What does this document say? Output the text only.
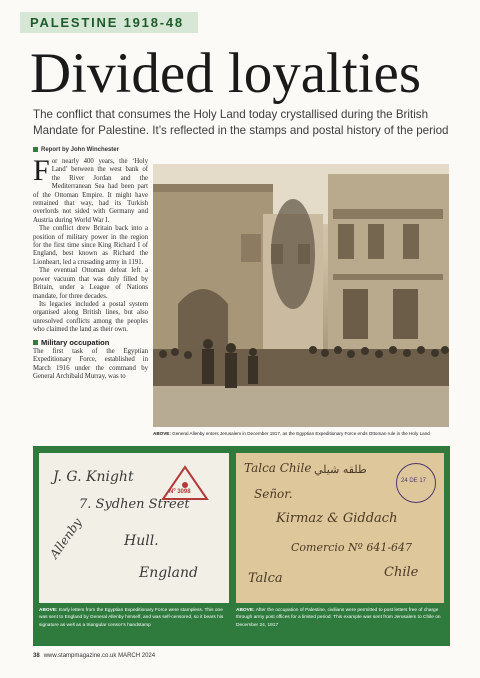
PALESTINE 1918-48
Divided loyalties

The conflict that consumes the Holy Land today crystallised during the British Mandate for Palestine. It’s reflected in the stamps and postal history of the period

Report by John Winchester

For nearly 400 years, the ‘Holy Land’ between the west bank of the River Jordan and the Mediterranean Sea had been part of the Ottoman Empire. It might have remained that way, had its Turkish overlords not sided with Germany and Austria during World War I.

The conflict drew Britain back into a position of military power in the region for the first time since King Richard I of England, best known as Richard the Lionheart, led a crusading army in 1191.

The eventual Ottoman defeat left a power vacuum that was duly filled by Britain, under a League of Nations mandate, for three decades.

Its legacies included a postal system organised along British lines, but also unresolved conflicts among the peoples who claimed the land as their own.

Military occupation

The first task of the Egyptian Expeditionary Force, established in March 1916 under the command by General Archibald Murray, was to

ABOVE: General Allenby enters Jerusalem in December 1917, as the Egyptian Expeditionary Force ends Ottoman rule in the Holy Land
J. G. Knight
7. Sydhen Street
Hull.
England
Allenby
Nº 3098
Talca Chile طلقه شيلي
Señor.
Kirmaz & Giddach
Comercio Nº 641-647
Talca	Chile
24 DE 17
ABOVE: Early letters from the Egyptian Expeditionary Force were stampless. This one was sent to England by General Allenby himself, and was self-censored, so it bears his signature as well as a triangular censor’s handstamp
ABOVE: After the occupation of Palestine, civilians were permitted to post letters free of charge through army post offices for a limited period. This example was sent from Jerusalem to Chile on December 24, 1917
38 www.stampmagazine.co.uk MARCH 2024
